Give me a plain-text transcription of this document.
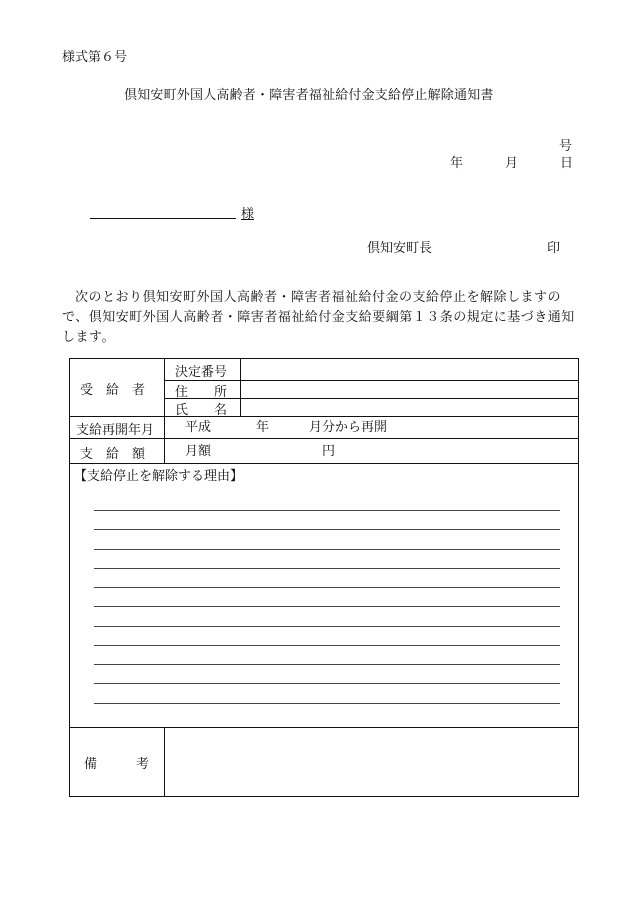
様式第６号
倶知安町外国人高齢者・障害者福祉給付金支給停止解除通知書
号
年	月	日
様
倶知安町長	印
次のとおり倶知安町外国人高齢者・障害者福祉給付金の支給停止を解除しますので、倶知安町外国人高齢者・障害者福祉給付金支給要綱第１３条の規定に基づき通知します。
受　給　者
決定番号
住　　所
氏　　名
支給再開年月 平成	年	月分から再開
支　給　額	月額	円
【支給停止を解除する理由】
備　　　考
